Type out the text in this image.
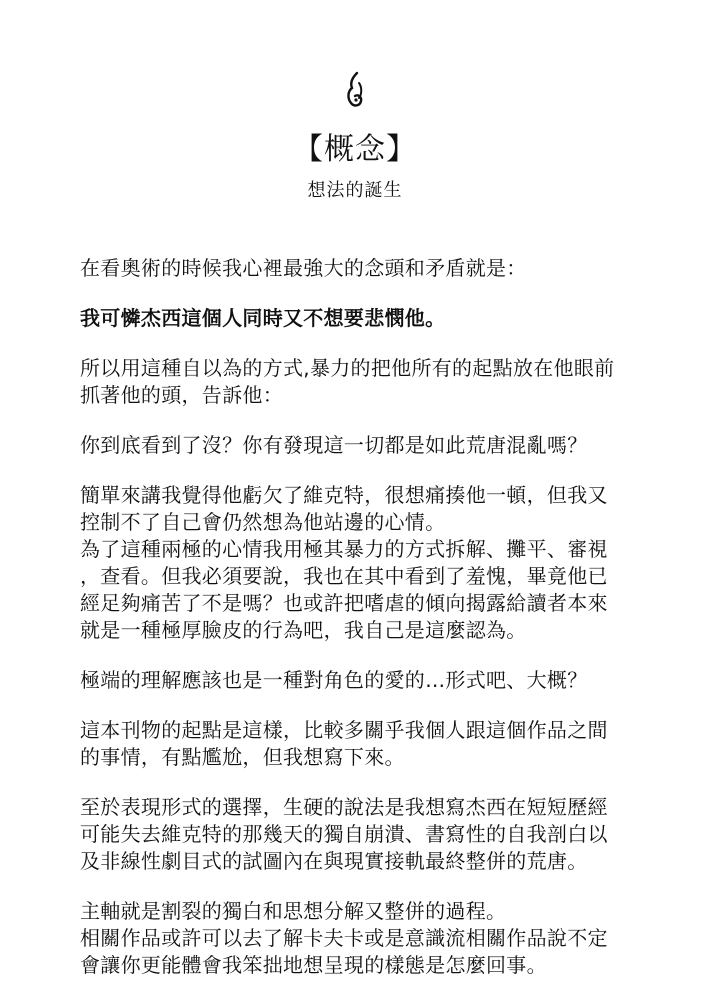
【概念】
想法的誕生

在看奧術的時候我心裡最強大的念頭和矛盾就是：

我可憐杰西這個人同時又不想要悲憫他。

所以用這種自以為的方式,暴力的把他所有的起點放在他眼前
抓著他的頭，告訴他：

你到底看到了沒？你有發現這一切都是如此荒唐混亂嗎？

簡單來講我覺得他虧欠了維克特，很想痛揍他一頓，但我又
控制不了自己會仍然想為他站邊的心情。

為了這種兩極的心情我用極其暴力的方式拆解、攤平、審視
，查看。但我必須要說，我也在其中看到了羞愧，畢竟他已
經足夠痛苦了不是嗎？也或許把嗜虐的傾向揭露給讀者本來
就是一種極厚臉皮的行為吧，我自己是這麼認為。

極端的理解應該也是一種對角色的愛的…形式吧、大概？

這本刊物的起點是這樣，比較多關乎我個人跟這個作品之間
的事情，有點尷尬，但我想寫下來。

至於表現形式的選擇，生硬的說法是我想寫杰西在短短歷經
可能失去維克特的那幾天的獨自崩潰、書寫性的自我剖白以
及非線性劇目式的試圖內在與現實接軌最終整併的荒唐。

主軸就是割裂的獨白和思想分解又整併的過程。

相關作品或許可以去了解卡夫卡或是意識流相關作品說不定
會讓你更能體會我笨拙地想呈現的樣態是怎麼回事。
